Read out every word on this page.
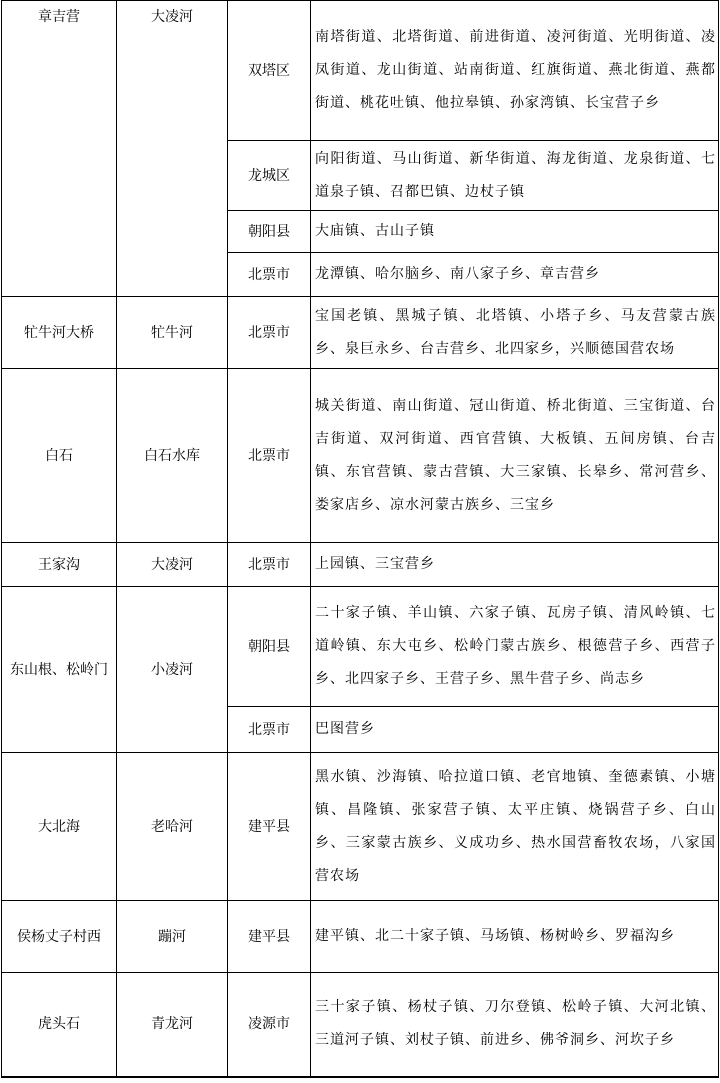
章吉营	大凌河	双塔区	南塔街道、北塔街道、前进街道、凌河街道、光明街道、凌凤街道、龙山街道、站南街道、红旗街道、燕北街道、燕都街道、桃花吐镇、他拉皋镇、孙家湾镇、长宝营子乡
		龙城区	向阳街道、马山街道、新华街道、海龙街道、龙泉街道、七道泉子镇、召都巴镇、边杖子镇
		朝阳县	大庙镇、古山子镇
		北票市	龙潭镇、哈尔脑乡、南八家子乡、章吉营乡
牤牛河大桥	牤牛河	北票市	宝国老镇、黑城子镇、北塔镇、小塔子乡、马友营蒙古族乡、泉巨永乡、台吉营乡、北四家乡，兴顺德国营农场
白石	白石水库	北票市	城关街道、南山街道、冠山街道、桥北街道、三宝街道、台吉街道、双河街道、西官营镇、大板镇、五间房镇、台吉镇、东官营镇、蒙古营镇、大三家镇、长皋乡、常河营乡、娄家店乡、凉水河蒙古族乡、三宝乡
王家沟	大凌河	北票市	上园镇、三宝营乡
东山根、松岭门	小凌河	朝阳县	二十家子镇、羊山镇、六家子镇、瓦房子镇、清风岭镇、七道岭镇、东大屯乡、松岭门蒙古族乡、根德营子乡、西营子乡、北四家子乡、王营子乡、黑牛营子乡、尚志乡
		北票市	巴图营乡
大北海	老哈河	建平县	黑水镇、沙海镇、哈拉道口镇、老官地镇、奎德素镇、小塘镇、昌隆镇、张家营子镇、太平庄镇、烧锅营子乡、白山乡、三家蒙古族乡、义成功乡、热水国营畜牧农场，八家国营农场
侯杨丈子村西	蹦河	建平县	建平镇、北二十家子镇、马场镇、杨树岭乡、罗福沟乡
虎头石	青龙河	凌源市	三十家子镇、杨杖子镇、刀尔登镇、松岭子镇、大河北镇、三道河子镇、刘杖子镇、前进乡、佛爷洞乡、河坎子乡
